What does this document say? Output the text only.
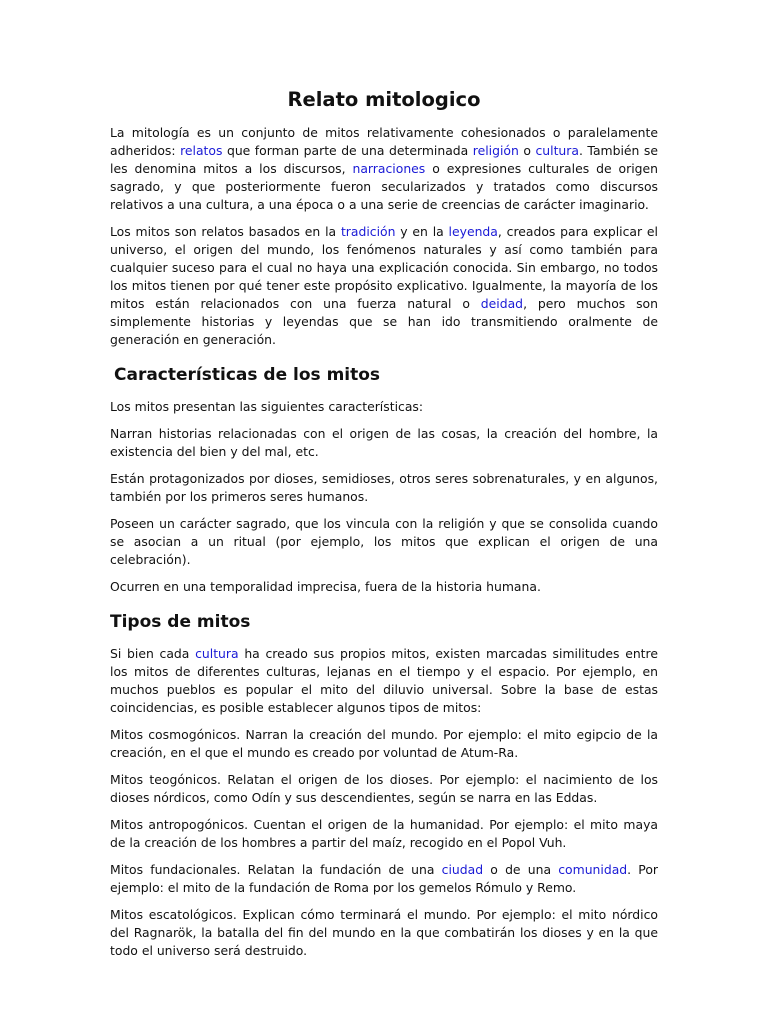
Relato mitologico

La mitología es un conjunto de mitos relativamente cohesionados o paralelamente adheridos: relatos que forman parte de una determinada religión o cultura. También se les denomina mitos a los discursos, narraciones o expresiones culturales de origen sagrado, y que posteriormente fueron secularizados y tratados como discursos relativos a una cultura, a una época o a una serie de creencias de carácter imaginario.

Los mitos son relatos basados en la tradición y en la leyenda, creados para explicar el universo, el origen del mundo, los fenómenos naturales y así como también para cualquier suceso para el cual no haya una explicación conocida. Sin embargo, no todos los mitos tienen por qué tener este propósito explicativo. Igualmente, la mayoría de los mitos están relacionados con una fuerza natural o deidad, pero muchos son simplemente historias y leyendas que se han ido transmitiendo oralmente de generación en generación.

Características de los mitos

Los mitos presentan las siguientes características:

Narran historias relacionadas con el origen de las cosas, la creación del hombre, la existencia del bien y del mal, etc.

Están protagonizados por dioses, semidioses, otros seres sobrenaturales, y en algunos, también por los primeros seres humanos.

Poseen un carácter sagrado, que los vincula con la religión y que se consolida cuando se asocian a un ritual (por ejemplo, los mitos que explican el origen de una celebración).

Ocurren en una temporalidad imprecisa, fuera de la historia humana.

Tipos de mitos

Si bien cada cultura ha creado sus propios mitos, existen marcadas similitudes entre los mitos de diferentes culturas, lejanas en el tiempo y el espacio. Por ejemplo, en muchos pueblos es popular el mito del diluvio universal. Sobre la base de estas coincidencias, es posible establecer algunos tipos de mitos:

Mitos cosmogónicos. Narran la creación del mundo. Por ejemplo: el mito egipcio de la creación, en el que el mundo es creado por voluntad de Atum-Ra.

Mitos teogónicos. Relatan el origen de los dioses. Por ejemplo: el nacimiento de los dioses nórdicos, como Odín y sus descendientes, según se narra en las Eddas.

Mitos antropogónicos. Cuentan el origen de la humanidad. Por ejemplo: el mito maya de la creación de los hombres a partir del maíz, recogido en el Popol Vuh.

Mitos fundacionales. Relatan la fundación de una ciudad o de una comunidad. Por ejemplo: el mito de la fundación de Roma por los gemelos Rómulo y Remo.

Mitos escatológicos. Explican cómo terminará el mundo. Por ejemplo: el mito nórdico del Ragnarök, la batalla del fin del mundo en la que combatirán los dioses y en la que todo el universo será destruido.
